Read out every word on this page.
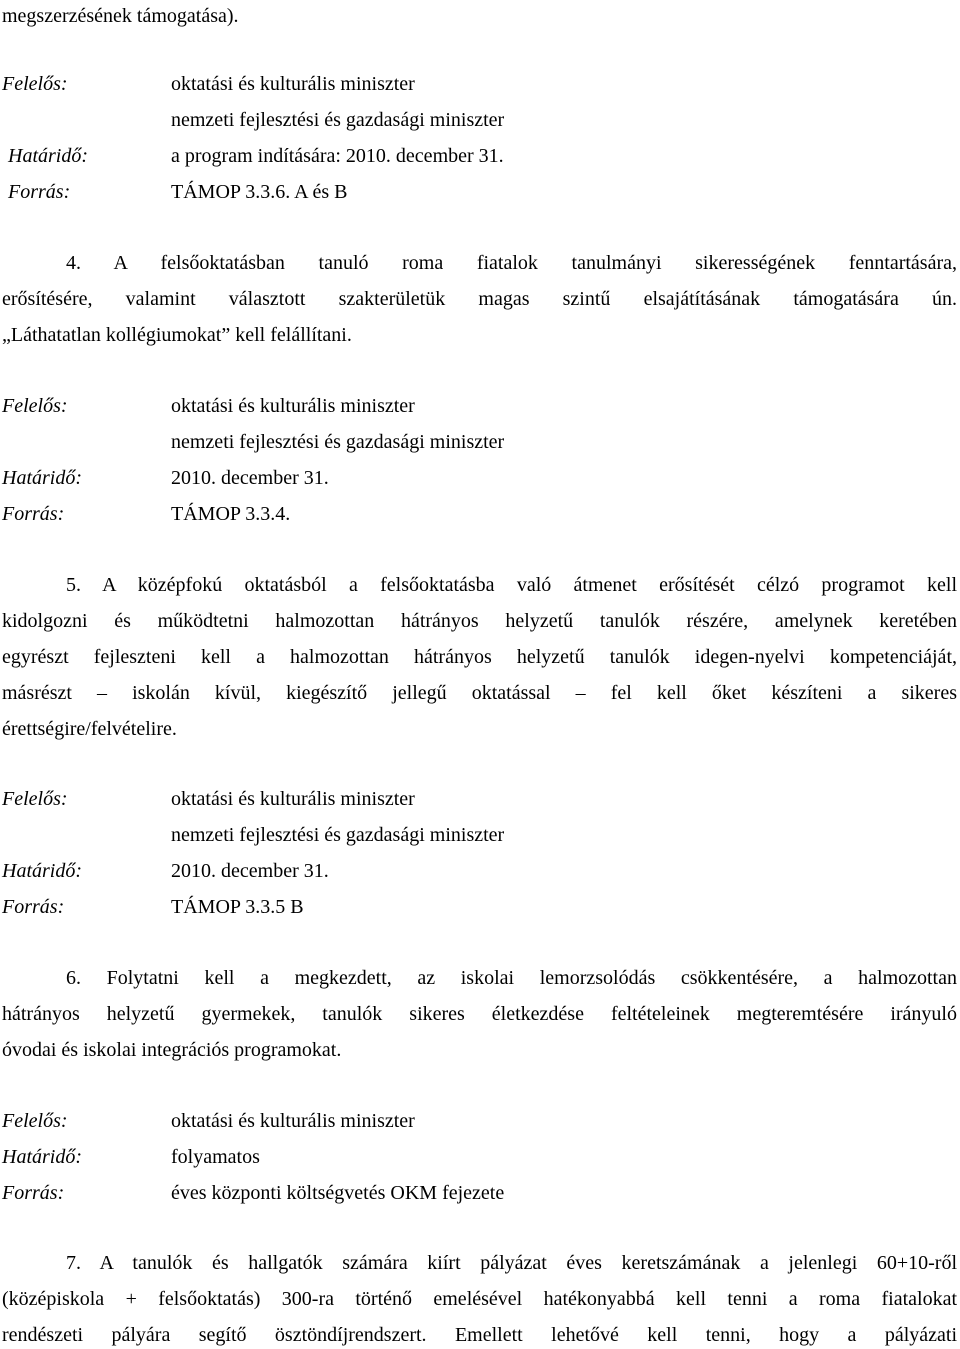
megszerzésének támogatása).
Felelős:	oktatási és kulturális miniszter
nemzeti fejlesztési és gazdasági miniszter
Határidő:	a program indítására: 2010. december 31.
Forrás:	TÁMOP 3.3.6. A és B
4. A felsőoktatásban tanuló roma fiatalok tanulmányi sikerességének fenntartására,
erősítésére, valamint választott szakterületük magas szintű elsajátításának támogatására ún.
„Láthatatlan kollégiumokat” kell felállítani.
Felelős:	oktatási és kulturális miniszter
nemzeti fejlesztési és gazdasági miniszter
Határidő:	2010. december 31.
Forrás:	TÁMOP 3.3.4.
5. A középfokú oktatásból a felsőoktatásba való átmenet erősítését célzó programot kell
kidolgozni és működtetni halmozottan hátrányos helyzetű tanulók részére, amelynek keretében
egyrészt fejleszteni kell a halmozottan hátrányos helyzetű tanulók idegen-nyelvi kompetenciáját,
másrészt – iskolán kívül, kiegészítő jellegű oktatással – fel kell őket készíteni a sikeres
érettségire/felvételire.
Felelős:	oktatási és kulturális miniszter
nemzeti fejlesztési és gazdasági miniszter
Határidő:	2010. december 31.
Forrás:	TÁMOP 3.3.5 B
6. Folytatni kell a megkezdett, az iskolai lemorzsolódás csökkentésére, a halmozottan
hátrányos helyzetű gyermekek, tanulók sikeres életkezdése feltételeinek megteremtésére irányuló
óvodai és iskolai integrációs programokat.
Felelős:	oktatási és kulturális miniszter
Határidő:	folyamatos
Forrás:	éves központi költségvetés OKM fejezete
7. A tanulók és hallgatók számára kiírt pályázat éves keretszámának a jelenlegi 60+10-ről
(középiskola + felsőoktatás) 300-ra történő emelésével hatékonyabbá kell tenni a roma fiatalokat
rendészeti pályára segítő ösztöndíjrendszert. Emellett lehetővé kell tenni, hogy a pályázati
